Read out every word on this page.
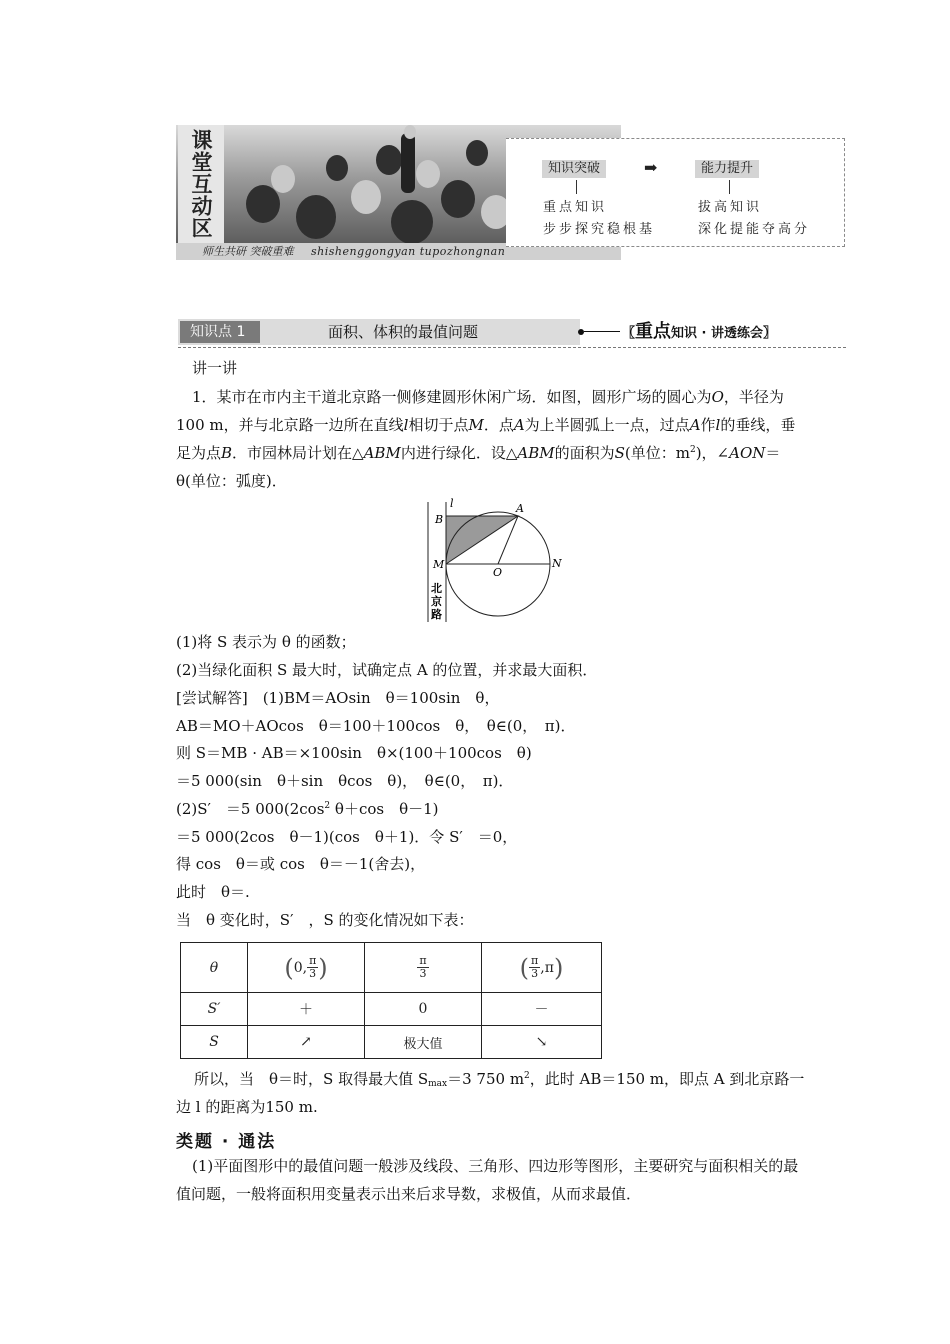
课堂互动区
师生共研 突破重难 shishenggongyan tupozhongnan
知识突破	➡	能力提升
重点知识
步步探究稳根基
拔高知识
深化提能夺高分
知识点 1	面积、体积的最值问题	〖重点知识 · 讲透练会〗
讲一讲
1．某市在市内主干道北京路一侧修建圆形休闲广场．如图，圆形广场的圆心为O，半径为100 m，并与北京路一边所在直线l相切于点M．点A为上半圆弧上一点，过点A作l的垂线，垂足为点B．市园林局计划在△ABM内进行绿化．设△ABM的面积为S(单位：$m^2$)，∠AON＝ θ(单位：弧度)．
l	A
B
M
O
N
北
京
路
(1)将 S 表示为 θ 的函数；
(2)当绿化面积 S 最大时，试确定点 A 的位置，并求最大面积．
[尝试解答]　(1)BM＝AOsin　θ＝100sin　θ，
AB＝MO＋AOcos　θ＝100＋100cos　θ，　θ∈(0，　π)．
则 S＝MB · AB＝×100sin　θ×(100＋100cos　θ)
＝5 000(sin　θ＋sin　θcos　θ)，　θ∈(0，　π)．
(2)S′　＝5 $000(2\cos^2$ θ＋cos　θ－1)
＝5 000(2cos　θ－1)(cos　θ＋1)．令 S′　＝0，
得 cos　θ＝或 cos　θ＝－1(舍去)，
此时　θ＝.
当　θ 变化时，S′　，S 的变化情况如下表：
θ	(0, $\frac{\pi}{3}$ )	$\frac{\pi}{3}$	( $\frac{\pi}{3} ,\pi$)
S′	＋	0	－
S	↗	极大值	↘
所以，当　θ＝时，S 取得最大值 $S_{max}=3$ 750 $m^2$，此时 AB＝150 m，即点 A 到北京路一
边 l 的距离为150 m.
类题 · 通法
(1)平面图形中的最值问题一般涉及线段、三角形、四边形等图形，主要研究与面积相关的最值问题，一般将面积用变量表示出来后求导数，求极值，从而求最值．
